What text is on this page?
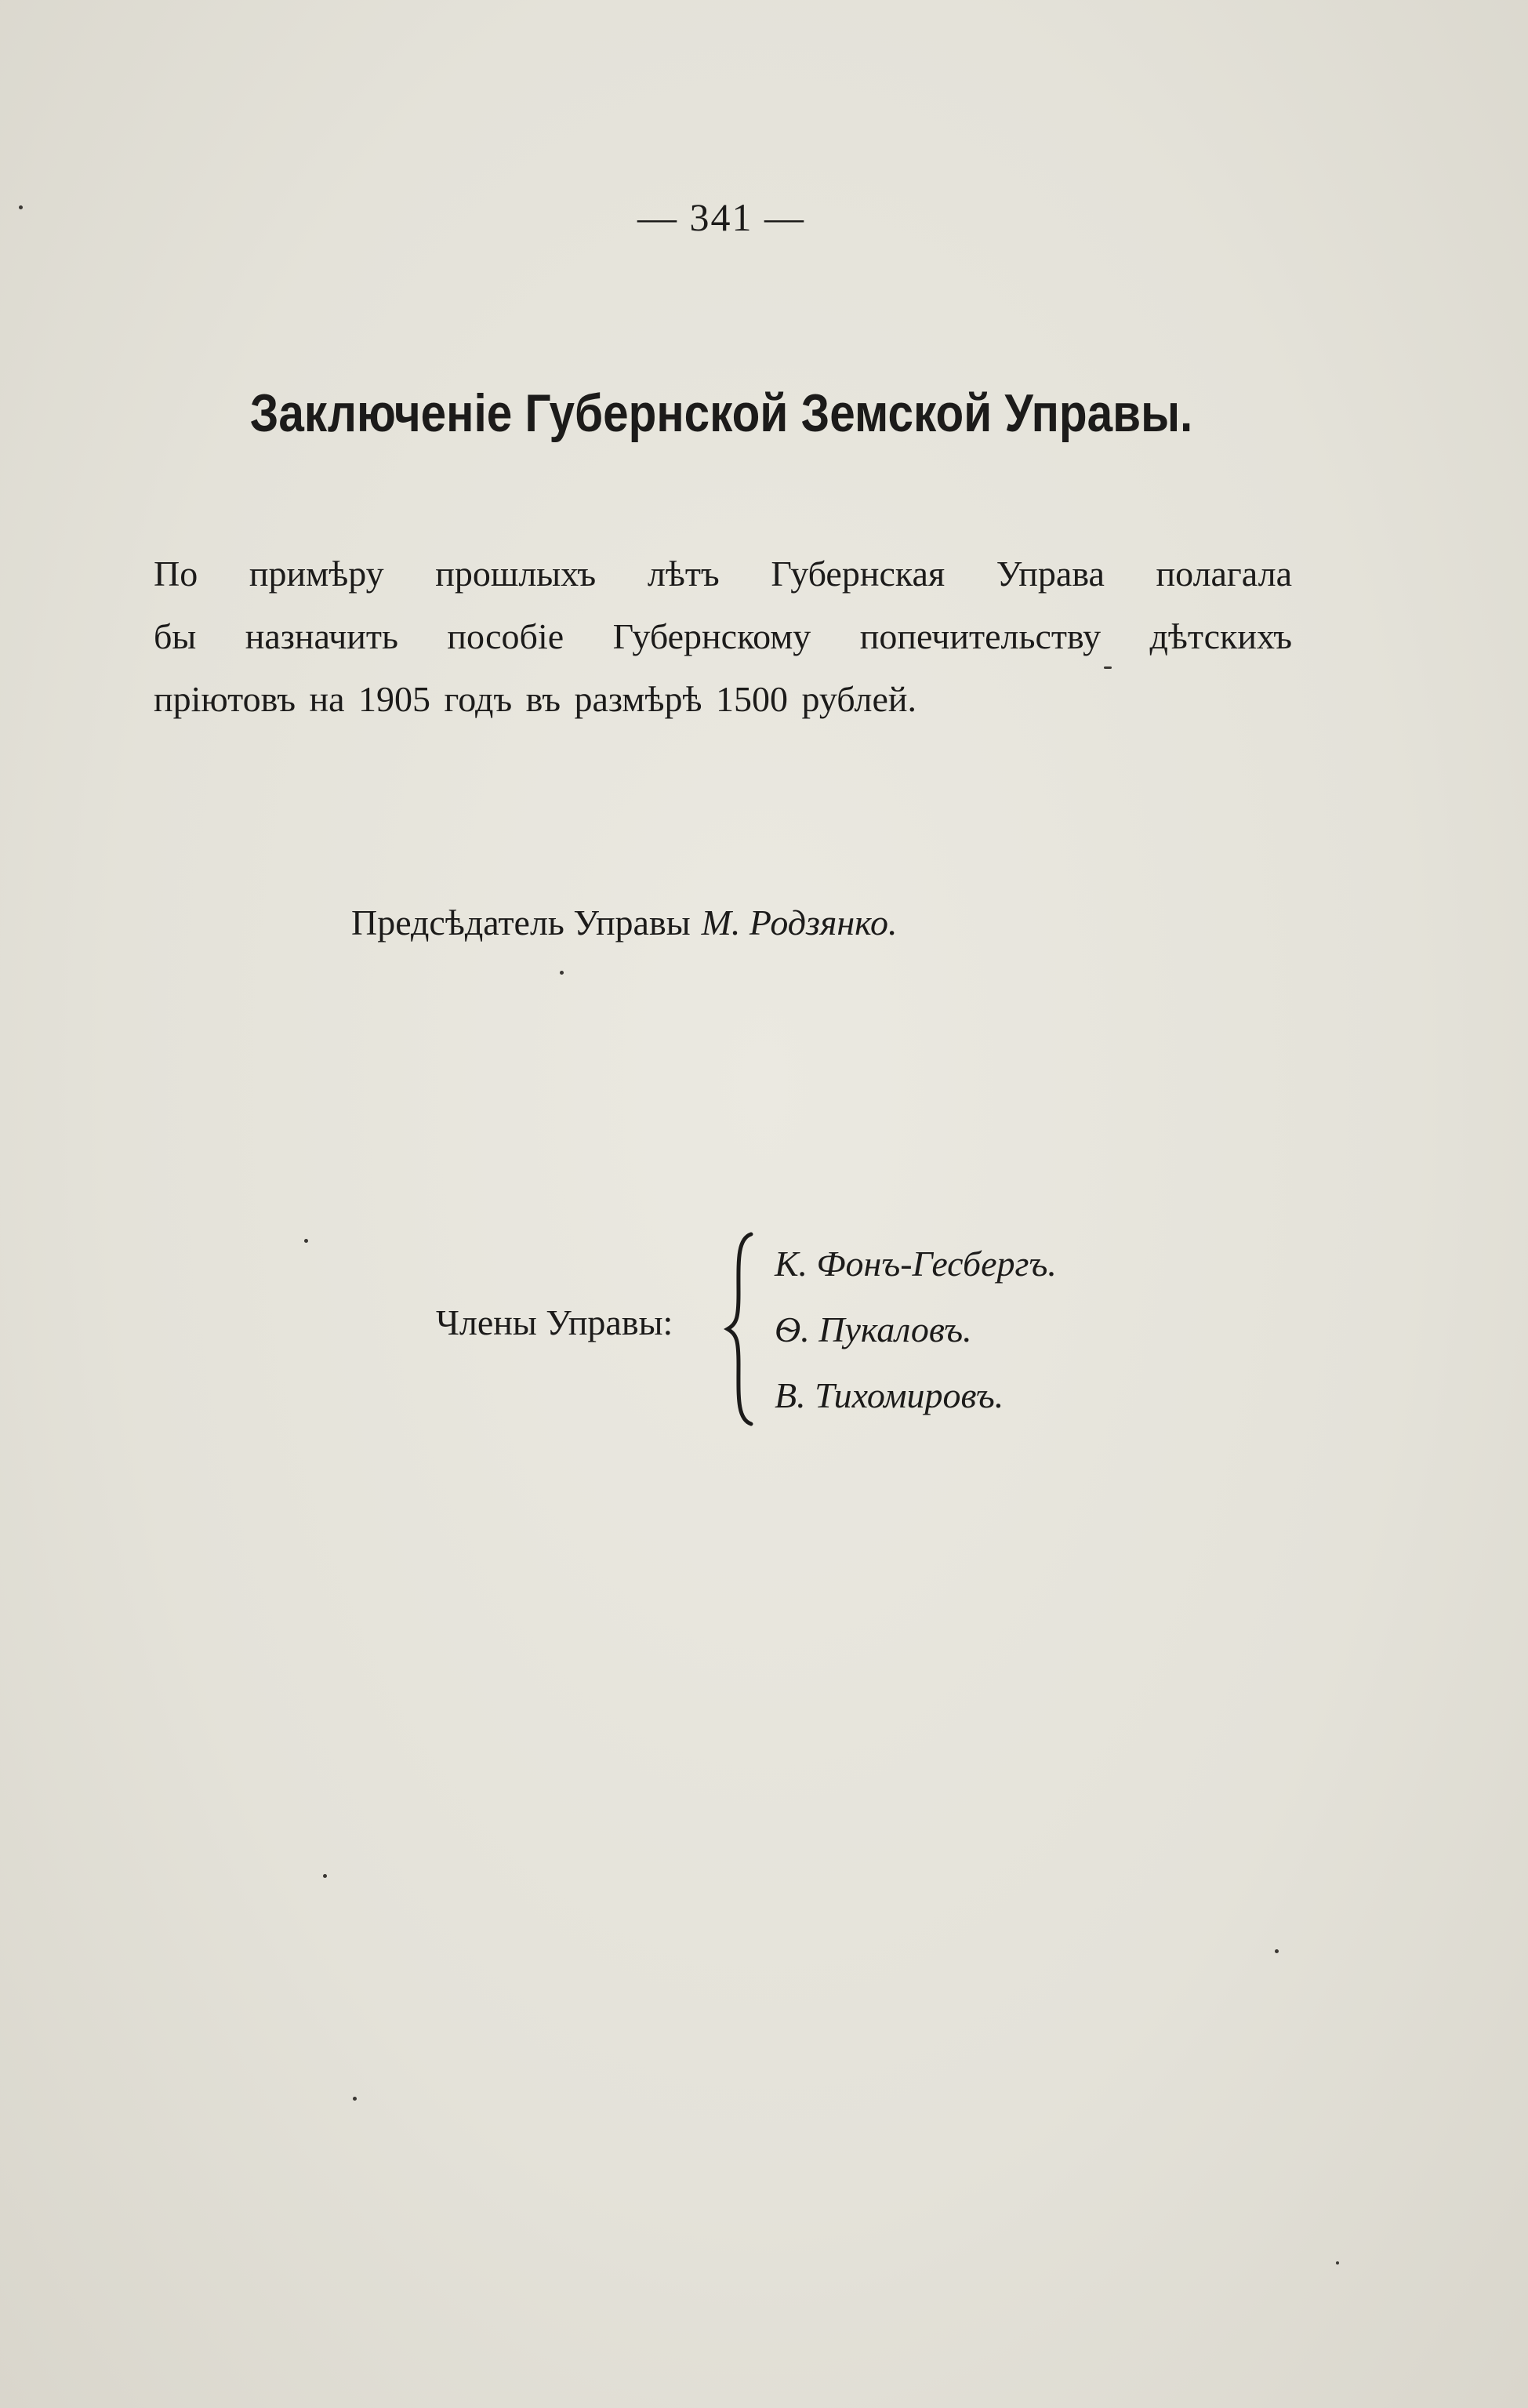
— 341 —
Заключеніе Губернской Земской Управы.
По примѣру прошлыхъ лѣтъ Губернская Управа полагала
бы назначить пособіе Губернскому попечительству дѣтскихъ
пріютовъ на 1905 годъ въ размѣрѣ 1500 рублей.
Предсѣдатель Управы М. Родзянко.
Члены Управы:
К. Фонъ-Гесбергъ.
Ѳ. Пукаловъ.
В. Тихомировъ.
